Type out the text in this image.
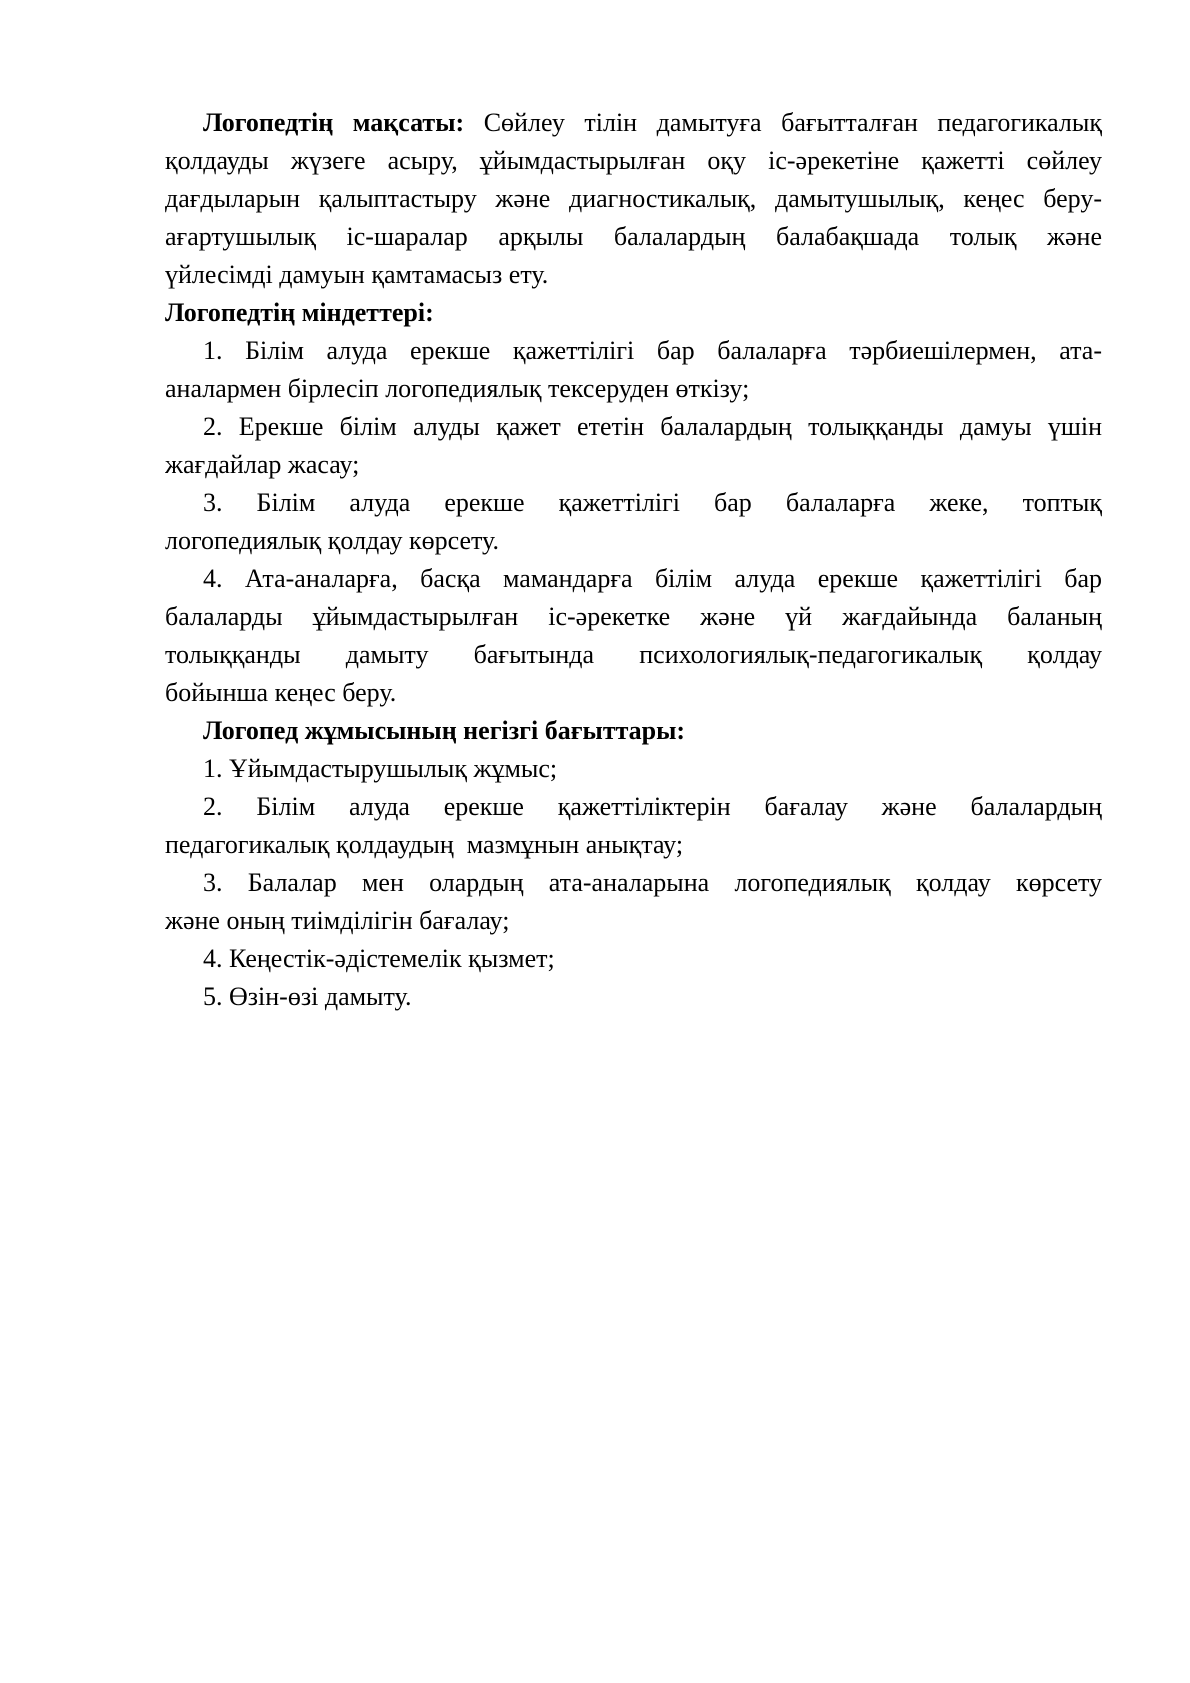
Логопедтің мақсаты: Сөйлеу тілін дамытуға бағытталған педагогикалық
қолдауды жүзеге асыру, ұйымдастырылған оқу іс-әрекетіне қажетті сөйлеу
дағдыларын қалыптастыру және диагностикалық, дамытушылық, кеңес беру-
ағартушылық іс-шаралар арқылы балалардың балабақшада толық және
үйлесімді дамуын қамтамасыз ету.
Логопедтің міндеттері:
1. Білім алуда ерекше қажеттілігі бар балаларға тәрбиешілермен, ата-
аналармен бірлесіп логопедиялық тексеруден өткізу;
2. Ерекше білім алуды қажет ететін балалардың толыққанды дамуы үшін
жағдайлар жасау;
3. Білім алуда ерекше қажеттілігі бар балаларға жеке, топтық
логопедиялық қолдау көрсету.
4. Ата-аналарға, басқа мамандарға білім алуда ерекше қажеттілігі бар
балаларды ұйымдастырылған іс-әрекетке және үй жағдайында баланың
толыққанды дамыту бағытында психологиялық-педагогикалық қолдау
бойынша кеңес беру.
Логопед жұмысының негізгі бағыттары:
1. Ұйымдастырушылық жұмыс;
2. Білім алуда ерекше қажеттіліктерін бағалау және балалардың
педагогикалық қолдаудың  мазмұнын анықтау;
3. Балалар мен олардың ата-аналарына логопедиялық қолдау көрсету
және оның тиімділігін бағалау;
4. Кеңестік-әдістемелік қызмет;
5. Өзін-өзі дамыту.
